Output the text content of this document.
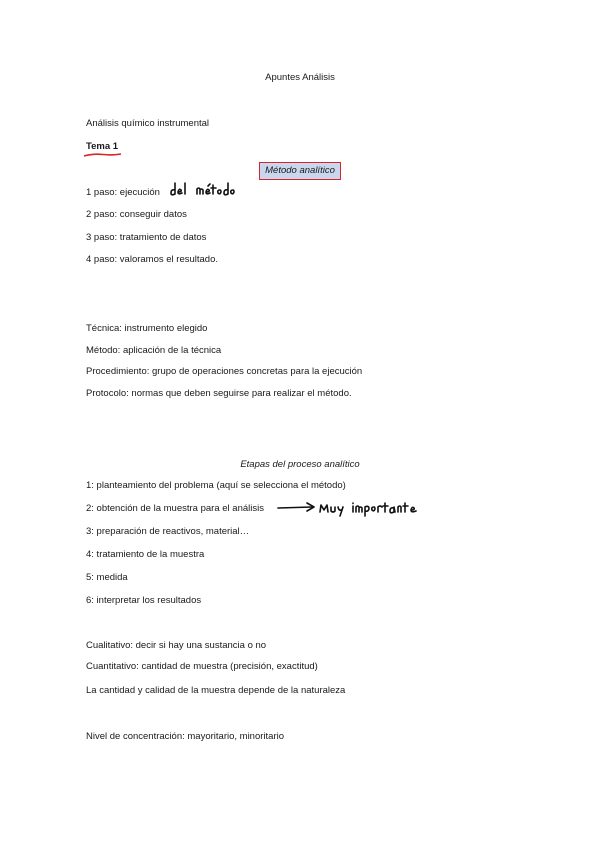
Apuntes Análisis
Análisis químico instrumental
Tema 1
Método analítico
1 paso: ejecución
2 paso: conseguir datos
3 paso: tratamiento de datos
4 paso: valoramos el resultado.
Técnica: instrumento elegido
Método: aplicación de la técnica
Procedimiento: grupo de operaciones concretas para la ejecución
Protocolo: normas que deben seguirse para realizar el método.
Etapas del proceso analítico
1: planteamiento del problema (aquí se selecciona el método)
2: obtención de la muestra para el análisis
3: preparación de reactivos, material…
4: tratamiento de la muestra
5: medida
6: interpretar los resultados
Cualitativo: decir si hay una sustancia o no
Cuantitativo: cantidad de muestra (precisión, exactitud)
La cantidad y calidad de la muestra depende de la naturaleza
Nivel de concentración: mayoritario, minoritario
